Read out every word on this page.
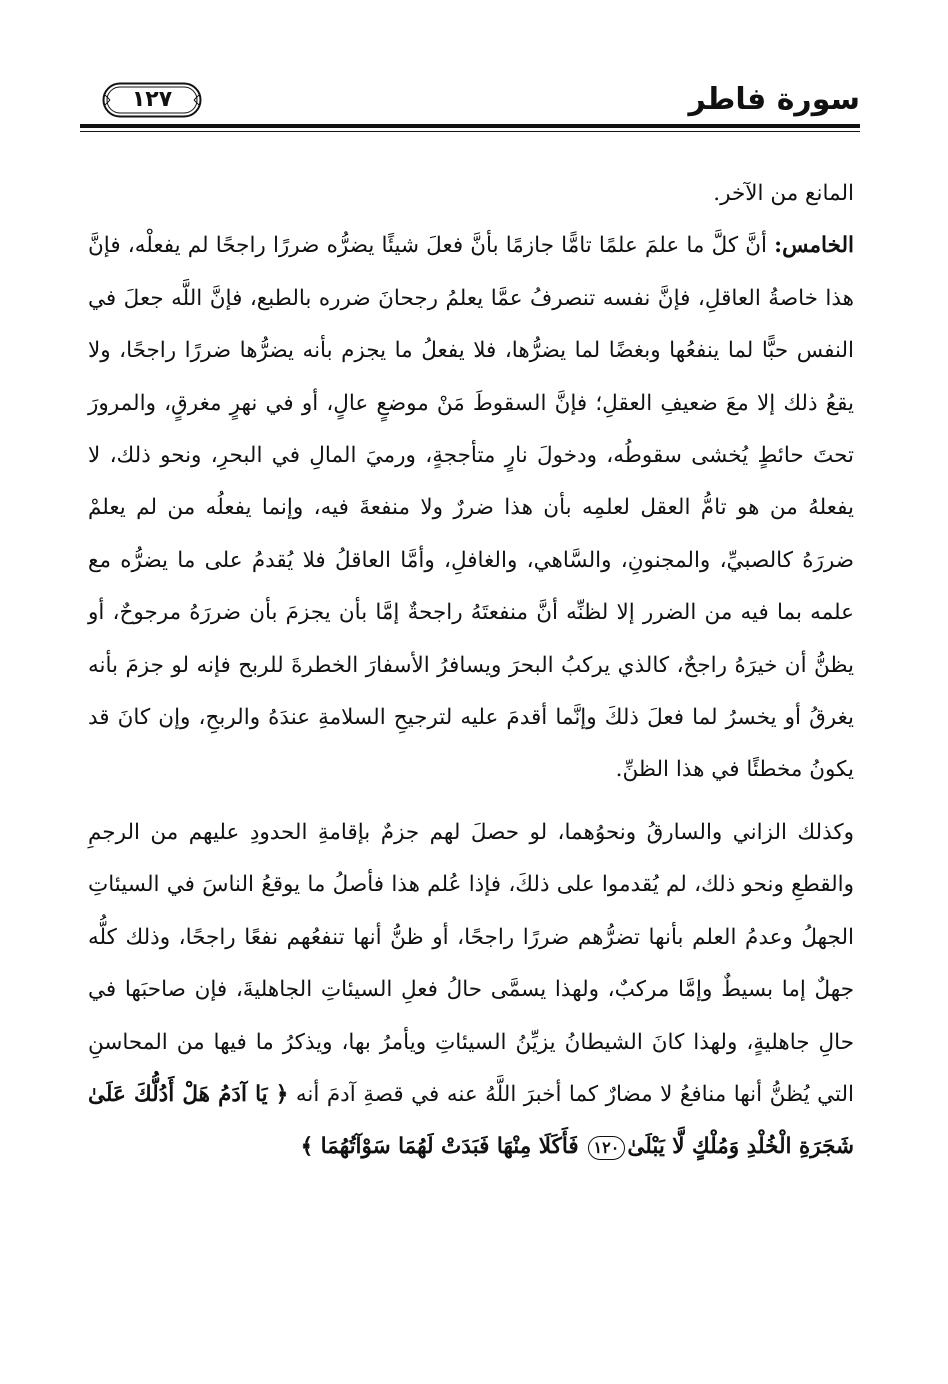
سورة فاطر
١٢٧

المانع من الآخر.

الخامس: أنَّ كلَّ ما علمَ علمًا تامًّا جازمًا بأنَّ فعلَ شيئًا يضرُّه ضررًا راجحًا لم يفعلْه، فإنَّ هذا خاصةُ العاقلِ، فإنَّ نفسه تنصرفُ عمَّا يعلمُ رجحانَ ضرره بالطبع، فإنَّ اللَّه جعلَ في النفس حبًّا لما ينفعُها وبغضًا لما يضرُّها، فلا يفعلُ ما يجزم بأنه يضرُّها ضررًا راجحًا، ولا يقعُ ذلك إلا معَ ضعيفِ العقلِ؛ فإنَّ السقوطَ مَنْ موضعٍ عالٍ، أو في نهرٍ مغرقٍ، والمرورَ تحتَ حائطٍ يُخشى سقوطُه، ودخولَ نارٍ متأججةٍ، ورميَ المالِ في البحرِ، ونحو ذلك، لا يفعلهُ من هو تامُّ العقل لعلمِه بأن هذا ضررٌ ولا منفعةَ فيه، وإنما يفعلُه من لم يعلمْ ضررَهُ كالصبيِّ، والمجنونِ، والسَّاهي، والغافلِ، وأمَّا العاقلُ فلا يُقدمُ على ما يضرُّه مع علمه بما فيه من الضرر إلا لظنِّه أنَّ منفعتَهُ راجحةٌ إمَّا بأن يجزمَ بأن ضررَهُ مرجوحٌ، أو يظنُّ أن خيرَهُ راجحٌ، كالذي يركبُ البحرَ ويسافرُ الأسفارَ الخطرةَ للربح فإنه لو جزمَ بأنه يغرقُ أو يخسرُ لما فعلَ ذلكَ وإنَّما أقدمَ عليه لترجيحِ السلامةِ عندَهُ والربحِ، وإن كانَ قد يكونُ مخطئًا في هذا الظنِّ.

وكذلك الزاني والسارقُ ونحوُهما، لو حصلَ لهم جزمٌ بإقامةِ الحدودِ عليهم من الرجمِ والقطعِ ونحو ذلك، لم يُقدموا على ذلكَ، فإذا عُلم هذا فأصلُ ما يوقعُ الناسَ في السيئاتِ الجهلُ وعدمُ العلم بأنها تضرُّهم ضررًا راجحًا، أو ظنُّ أنها تنفعُهم نفعًا راجحًا، وذلك كلُّه جهلٌ إما بسيطٌ وإمَّا مركبٌ، ولهذا يسمَّى حالُ فعلِ السيئاتِ الجاهليةَ، فإن صاحبَها في حالِ جاهليةٍ، ولهذا كانَ الشيطانُ يزيِّنُ السيئاتِ ويأمرُ بها، ويذكرُ ما فيها من المحاسنِ التي يُظنُّ أنها منافعُ لا مضارٌ كما أخبرَ اللَّهُ عنه في قصةِ آدمَ أنه ﴿ يَا آدَمُ هَلْ أَدُلُّكَ عَلَىٰ شَجَرَةِ الْخُلْدِ وَمُلْكٍ لَّا يَبْلَىٰ١٢٠ فَأَكَلَا مِنْهَا فَبَدَتْ لَهُمَا سَوْآتُهُمَا ﴾
